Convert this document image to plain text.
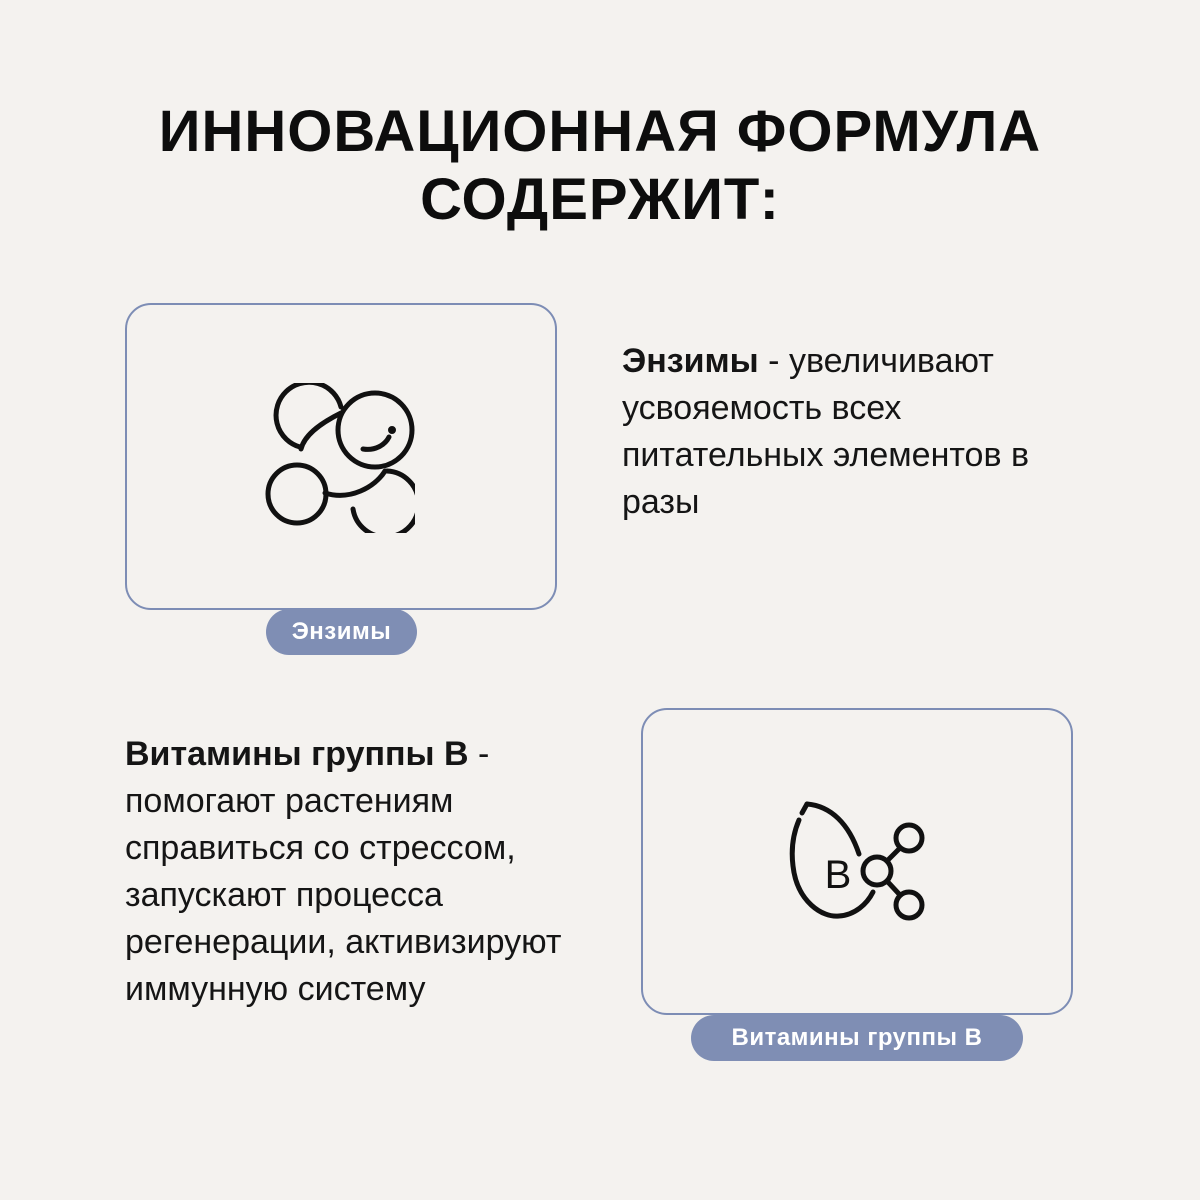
ИННОВАЦИОННАЯ ФОРМУЛА
СОДЕРЖИТ:
Энзимы
Энзимы - увеличивают усвояемость всех питательных элементов в разы
Витамины группы В - помогают растениям справиться со стрессом, запускают процесса регенерации, активизируют иммунную систему
B
Витамины группы В
